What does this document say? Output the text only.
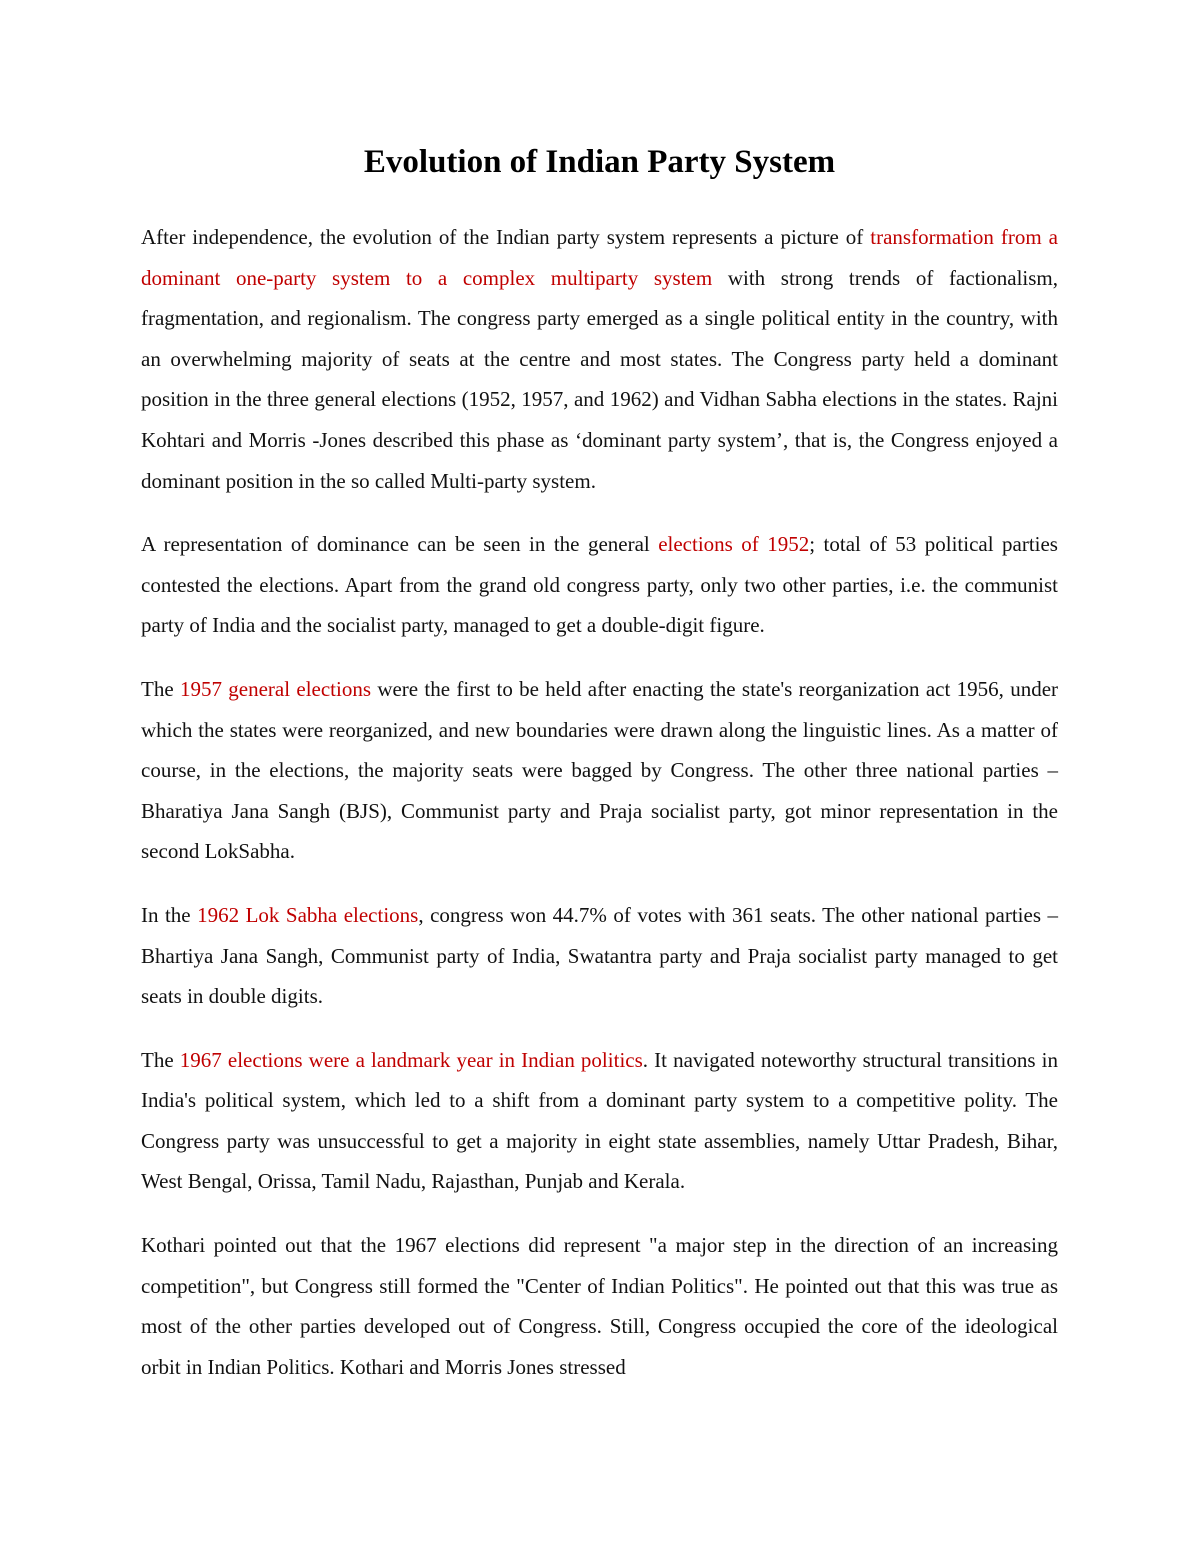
Evolution of Indian Party System

After independence, the evolution of the Indian party system represents a picture of transformation from a dominant one-party system to a complex multiparty system with strong trends of factionalism, fragmentation, and regionalism. The congress party emerged as a single political entity in the country, with an overwhelming majority of seats at the centre and most states. The Congress party held a dominant position in the three general elections (1952, 1957, and 1962) and Vidhan Sabha elections in the states. Rajni Kohtari and Morris -Jones described this phase as ‘dominant party system’, that is, the Congress enjoyed a dominant position in the so called Multi-party system.

A representation of dominance can be seen in the general elections of 1952; total of 53 political parties contested the elections. Apart from the grand old congress party, only two other parties, i.e. the communist party of India and the socialist party, managed to get a double-digit figure.

The 1957 general elections were the first to be held after enacting the state's reorganization act 1956, under which the states were reorganized, and new boundaries were drawn along the linguistic lines. As a matter of course, in the elections, the majority seats were bagged by Congress. The other three national parties – Bharatiya Jana Sangh (BJS), Communist party and Praja socialist party, got minor representation in the second LokSabha.

In the 1962 Lok Sabha elections, congress won 44.7% of votes with 361 seats. The other national parties – Bhartiya Jana Sangh, Communist party of India, Swatantra party and Praja socialist party managed to get seats in double digits.

The 1967 elections were a landmark year in Indian politics. It navigated noteworthy structural transitions in India's political system, which led to a shift from a dominant party system to a competitive polity. The Congress party was unsuccessful to get a majority in eight state assemblies, namely Uttar Pradesh, Bihar, West Bengal, Orissa, Tamil Nadu, Rajasthan, Punjab and Kerala.

Kothari pointed out that the 1967 elections did represent "a major step in the direction of an increasing competition", but Congress still formed the "Center of Indian Politics". He pointed out that this was true as most of the other parties developed out of Congress. Still, Congress occupied the core of the ideological orbit in Indian Politics. Kothari and Morris Jones stressed
